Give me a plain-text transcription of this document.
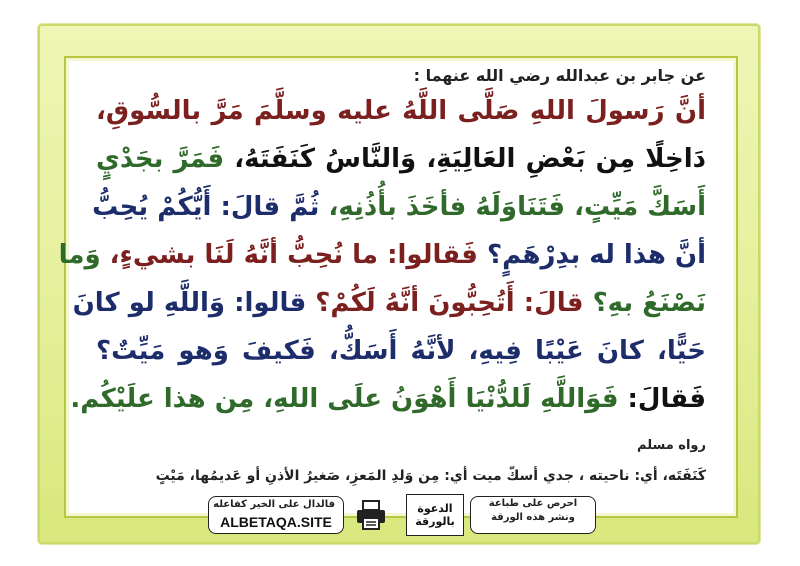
عن جابر بن عبدالله رضي الله عنهما :
أنَّ رَسولَ اللهِ صَلَّى اللَّهُ عليه وسلَّمَ مَرَّ بالسُّوقِ،
دَاخِلًا مِن بَعْضِ العَالِيَةِ، وَالنَّاسُ كَنَفَتَهُ، فَمَرَّ بجَدْيٍ
أَسَكَّ مَيِّتٍ، فَتَنَاوَلَهُ فأخَذَ بأُذُنِهِ، ثُمَّ قالَ: أَيُّكُمْ يُحِبُّ
أنَّ هذا له بدِرْهَمٍ؟ فَقالوا: ما نُحِبُّ أنَّهُ لَنَا بشيءٍ، وَما
نَصْنَعُ بهِ؟ قالَ: أَتُحِبُّونَ أنَّهُ لَكُمْ؟ قالوا: وَاللَّهِ لو كانَ
حَيًّا، كانَ عَيْبًا فِيهِ، لأنَّهُ أَسَكُّ، فَكيفَ وَهو مَيِّتٌ؟
فَقالَ: فَوَاللَّهِ لَلدُّنْيَا أَهْوَنُ علَى اللهِ، مِن هذا علَيْكُم.
رواه مسلم
كَنَفَتَه، أي: ناحيته ، جدي أسكّ ميت أي: مِن وَلدِ المَعزِ، صَغيرُ الأذنِ أو عَديمُها، مَيْتٍ
فالدال على الخير كفاعله
ALBETAQA.SITE
الدعوة
بالورقة
احرص على طباعة
ونشر هذه الورقة
